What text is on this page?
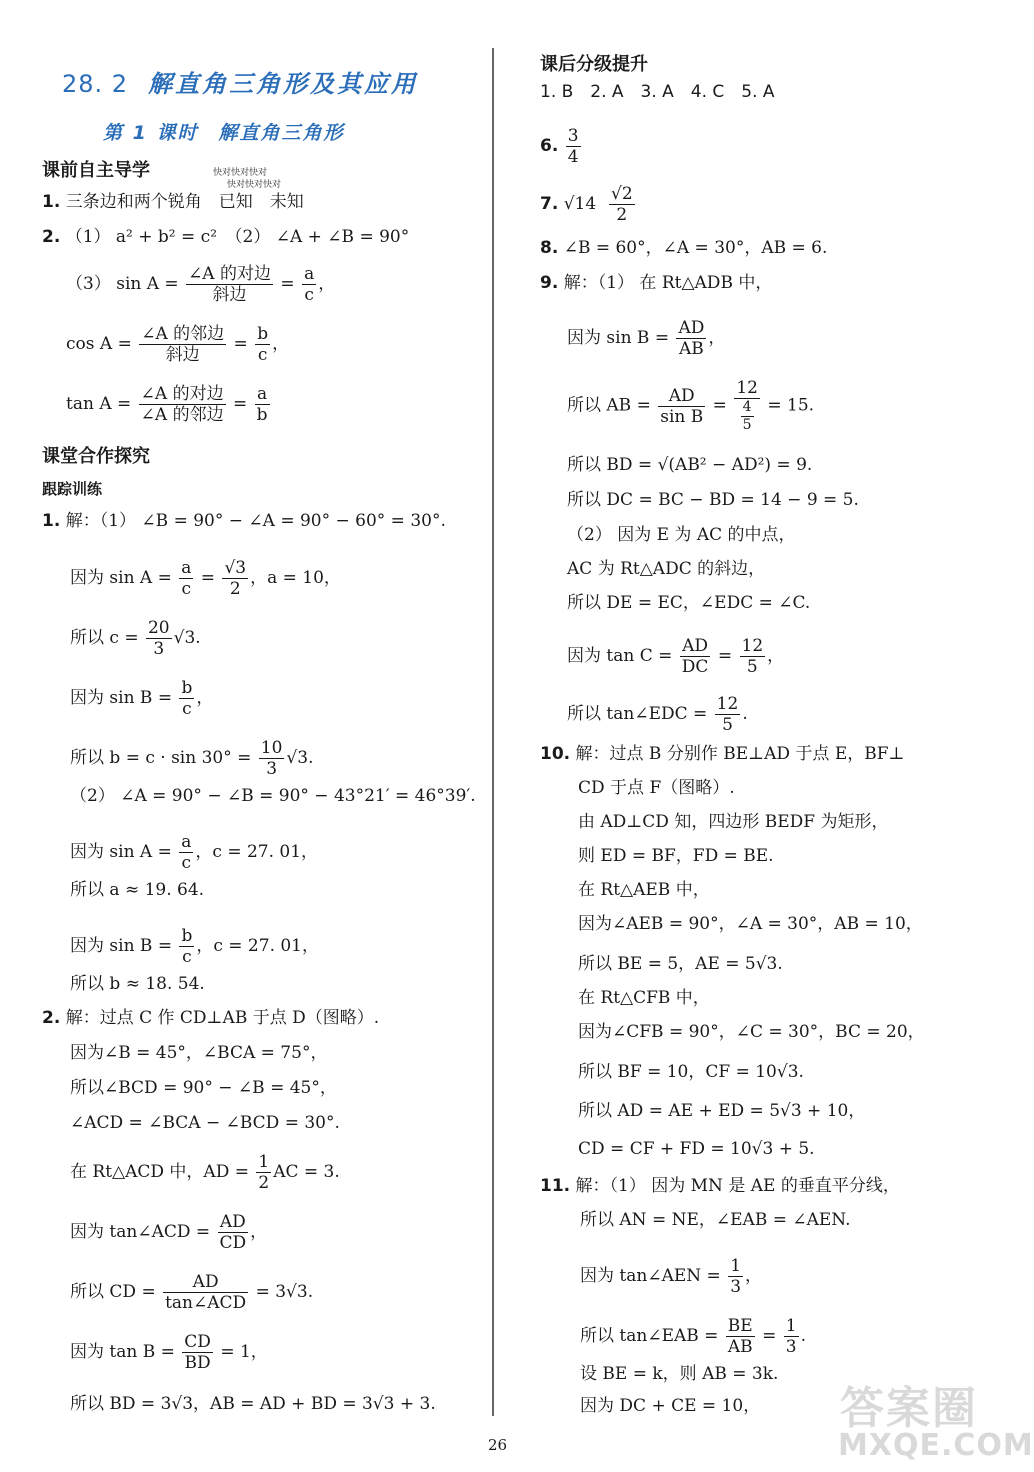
28. 2 解直角三角形及其应用
第 1 课时 解直角三角形
课前自主导学	快对快对快对
快对快对快对
1. 三条边和两个锐角　已知　未知
2. （1） a² + b² = c²　（2） ∠A + ∠B = 90°
（3） $\sin A = \frac{\text{∠A 的对边}}{\text{斜边}} = \frac{a}{c}$ ，
$\cos A = \frac{\text{∠A 的邻边}}{\text{斜边}} = \frac{b}{c}$ ，
$\tan A = \frac{\text{∠A 的对边}}{\text{∠A 的邻边}} = \frac{a}{b}$
课堂合作探究
跟踪训练
1. 解：（1） ∠B = 90° − ∠A = 90° − 60° = 30°.
因为 $\sin A = \frac{a}{c} = \frac{√3}{2}$ ，a = 10，
所以 $c = \frac{20}{3} √3$.
因为 $\sin B = \frac{b}{c}$ ，
所以 $b = c \cdot \sin 30^\circ = \frac{10}{3} √3$.
（2） ∠A = 90° − ∠B = 90° − 43°21′ = 46°39′.
因为 $\sin A = \frac{a}{c}$ ，c = 27. 01，
所以 a ≈ 19. 64.
因为 $\sin B = \frac{b}{c}$ ，c = 27. 01，
所以 b ≈ 18. 54.
2. 解：过点 C 作 CD⊥AB 于点 D（图略）.
因为∠B = 45°，∠BCA = 75°，
所以∠BCD = 90° − ∠B = 45°，
∠ACD = ∠BCA − ∠BCD = 30°.
在 Rt△ACD 中，AD = $\frac{1}{2}$ AC = 3.
因为 tan∠ACD = $\frac{AD}{CD}$ ，
所以 CD = $\frac{AD}{\text{tan∠ACD}} = 3√3$.
因为 $\tan B = \frac{CD}{BD} = 1$，
所以 BD = 3√3，AB = AD + BD = 3√3 + 3.
课后分级提升
1. B　2. A　3. A　4. C　5. A
6. $\frac{3}{4}$
7. $√14 \frac{√2}{2}$
8. ∠B = 60°，∠A = 30°，AB = 6.
9. 解：（1） 在 Rt△ADB 中，
因为 $\sin B = \frac{AD}{AB}$ ，
所以 AB = $\frac{AD}{\text{sin B}} = \frac{12}{\frac{4}{5}} = 15$.
所以 BD = √(AB² − AD²) = 9.
所以 DC = BC − BD = 14 − 9 = 5.
（2） 因为 E 为 AC 的中点，
AC 为 Rt△ADC 的斜边，
所以 DE = EC，∠EDC = ∠C.
因为 $\tan C = \frac{AD}{DC} = \frac{12}{5}$ ，
所以 tan∠EDC = $\frac{12}{5}$ .
10. 解：过点 B 分别作 BE⊥AD 于点 E，BF⊥
CD 于点 F（图略）.
由 AD⊥CD 知，四边形 BEDF 为矩形，
则 ED = BF，FD = BE.
在 Rt△AEB 中，
因为∠AEB = 90°，∠A = 30°，AB = 10，
所以 BE = 5，AE = 5√3.
在 Rt△CFB 中，
因为∠CFB = 90°，∠C = 30°，BC = 20，
所以 BF = 10，CF = 10√3.
所以 AD = AE + ED = 5√3 + 10，
CD = CF + FD = 10√3 + 5.
11. 解：（1） 因为 MN 是 AE 的垂直平分线，
所以 AN = NE，∠EAB = ∠AEN.
因为 tan∠AEN = $\frac{1}{3}$ ，
所以 tan∠EAB = $\frac{BE}{AB} = \frac{1}{3}$ .
设 BE = k，则 AB = 3k.
因为 DC + CE = 10，
26
答案圈
MXQE.COM
